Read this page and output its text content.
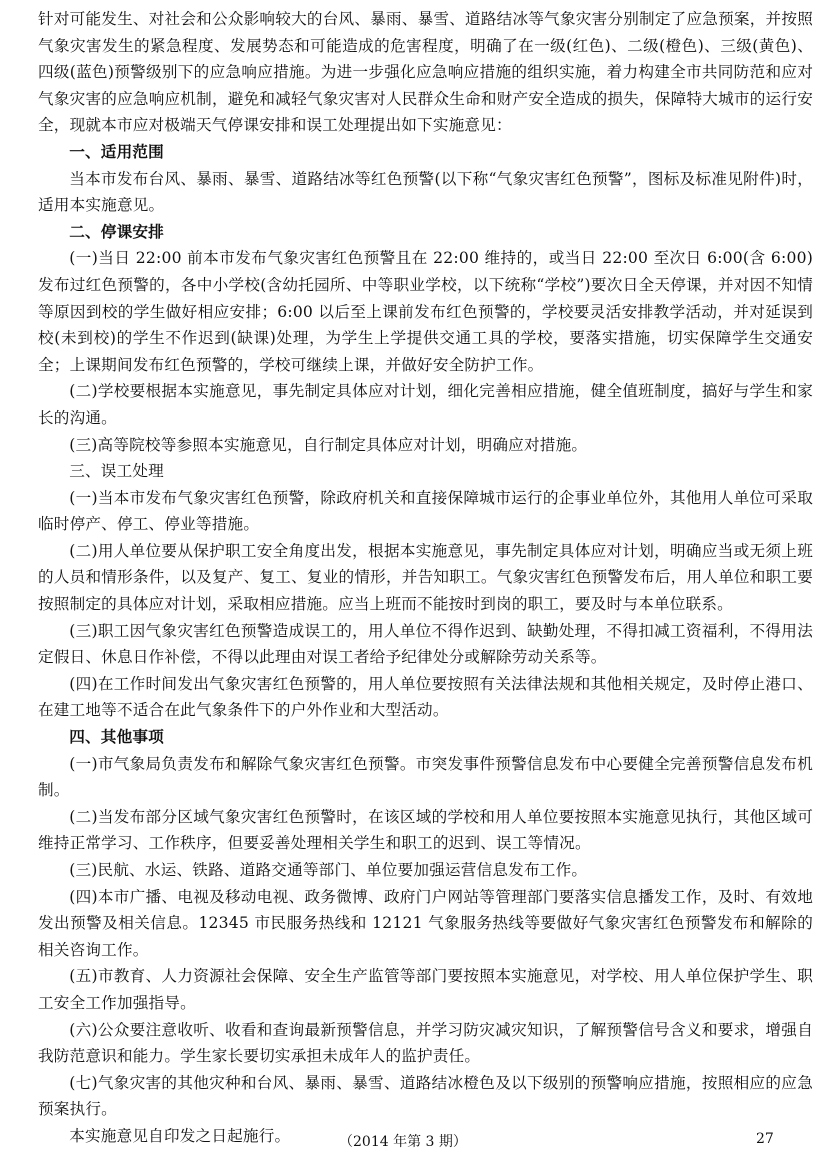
针对可能发生、对社会和公众影响较大的台风、暴雨、暴雪、道路结冰等气象灾害分别制定了应急预案，并按照气象灾害发生的紧急程度、发展势态和可能造成的危害程度，明确了在一级(红色)、二级(橙色)、三级(黄色)、四级(蓝色)预警级别下的应急响应措施。为进一步强化应急响应措施的组织实施，着力构建全市共同防范和应对气象灾害的应急响应机制，避免和减轻气象灾害对人民群众生命和财产安全造成的损失，保障特大城市的运行安全，现就本市应对极端天气停课安排和误工处理提出如下实施意见：

一、适用范围

当本市发布台风、暴雨、暴雪、道路结冰等红色预警(以下称“气象灾害红色预警”，图标及标准见附件)时，适用本实施意见。

二、停课安排

(一)当日 22:00 前本市发布气象灾害红色预警且在 22:00 维持的，或当日 22:00 至次日 6:00(含 6:00)发布过红色预警的，各中小学校(含幼托园所、中等职业学校，以下统称“学校”)要次日全天停课，并对因不知情等原因到校的学生做好相应安排；6:00 以后至上课前发布红色预警的，学校要灵活安排教学活动，并对延误到校(未到校)的学生不作迟到(缺课)处理，为学生上学提供交通工具的学校，要落实措施，切实保障学生交通安全；上课期间发布红色预警的，学校可继续上课，并做好安全防护工作。

(二)学校要根据本实施意见，事先制定具体应对计划，细化完善相应措施，健全值班制度，搞好与学生和家长的沟通。

(三)高等院校等参照本实施意见，自行制定具体应对计划，明确应对措施。

三、误工处理

(一)当本市发布气象灾害红色预警，除政府机关和直接保障城市运行的企事业单位外，其他用人单位可采取临时停产、停工、停业等措施。

(二)用人单位要从保护职工安全角度出发，根据本实施意见，事先制定具体应对计划，明确应当或无须上班的人员和情形条件，以及复产、复工、复业的情形，并告知职工。气象灾害红色预警发布后，用人单位和职工要按照制定的具体应对计划，采取相应措施。应当上班而不能按时到岗的职工，要及时与本单位联系。

(三)职工因气象灾害红色预警造成误工的，用人单位不得作迟到、缺勤处理，不得扣减工资福利，不得用法定假日、休息日作补偿，不得以此理由对误工者给予纪律处分或解除劳动关系等。

(四)在工作时间发出气象灾害红色预警的，用人单位要按照有关法律法规和其他相关规定，及时停止港口、在建工地等不适合在此气象条件下的户外作业和大型活动。

四、其他事项

(一)市气象局负责发布和解除气象灾害红色预警。市突发事件预警信息发布中心要健全完善预警信息发布机制。

(二)当发布部分区域气象灾害红色预警时，在该区域的学校和用人单位要按照本实施意见执行，其他区域可维持正常学习、工作秩序，但要妥善处理相关学生和职工的迟到、误工等情况。

(三)民航、水运、铁路、道路交通等部门、单位要加强运营信息发布工作。

(四)本市广播、电视及移动电视、政务微博、政府门户网站等管理部门要落实信息播发工作，及时、有效地发出预警及相关信息。12345 市民服务热线和 12121 气象服务热线等要做好气象灾害红色预警发布和解除的相关咨询工作。

(五)市教育、人力资源社会保障、安全生产监管等部门要按照本实施意见，对学校、用人单位保护学生、职工安全工作加强指导。

(六)公众要注意收听、收看和查询最新预警信息，并学习防灾减灾知识，了解预警信号含义和要求，增强自我防范意识和能力。学生家长要切实承担未成年人的监护责任。

(七)气象灾害的其他灾种和台风、暴雨、暴雪、道路结冰橙色及以下级别的预警响应措施，按照相应的应急预案执行。

本实施意见自印发之日起施行。	（2014 年第 3 期）	27
